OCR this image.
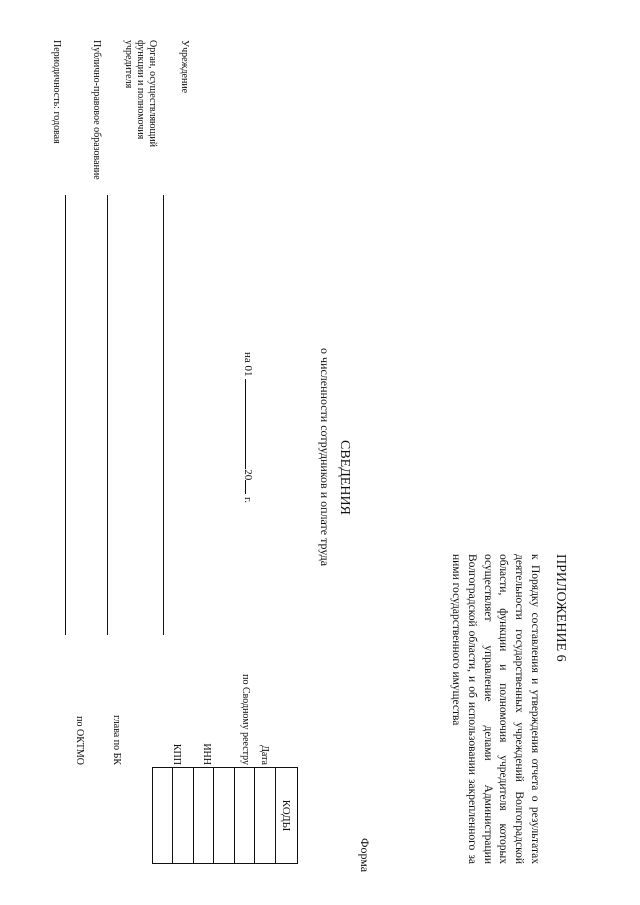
ПРИЛОЖЕНИЕ 6
к Порядку составления и утверждения отчета о результатах деятельности государственных учреждений Волгоградской области, функции и полномочия учредителя которых осуществляет управление делами Администрации Волгоградской области, и об использовании закрепленного за ними государственного имущества
Форма
СВЕДЕНИЯ
о численности сотрудников и оплате труда
на 01 20 г.
КОДЫ

Дата
по Сводному реестру
ИНН
КПП
глава по БК
по ОКТМО
Учреждение
Орган, осуществляющий функции и полномочия учредителя
Публично-правовое образование
Периодичность: годовая
